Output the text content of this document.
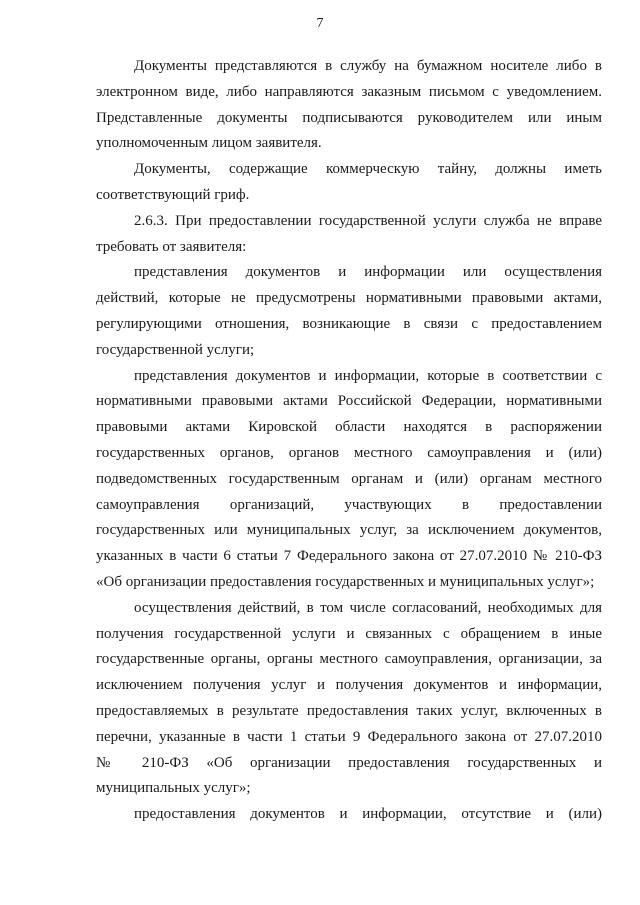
7
Документы представляются в службу на бумажном носителе либо в
электронном виде, либо направляются заказным письмом с уведомлением.
Представленные документы подписываются руководителем или иным
уполномоченным лицом заявителя.
Документы, содержащие коммерческую тайну, должны иметь
соответствующий гриф.
2.6.3. При предоставлении государственной услуги служба не вправе
требовать от заявителя:
представления документов и информации или осуществления
действий, которые не предусмотрены нормативными правовыми актами,
регулирующими отношения, возникающие в связи с предоставлением
государственной услуги;
представления документов и информации, которые в соответствии с
нормативными правовыми актами Российской Федерации, нормативными
правовыми актами Кировской области находятся в распоряжении
государственных органов, органов местного самоуправления и (или)
подведомственных государственным органам и (или) органам местного
самоуправления организаций, участвующих в предоставлении
государственных или муниципальных услуг, за исключением документов,
указанных в части 6 статьи 7 Федерального закона от 27.07.2010 № 210-ФЗ
«Об организации предоставления государственных и муниципальных услуг»;
осуществления действий, в том числе согласований, необходимых для
получения государственной услуги и связанных с обращением в иные
государственные органы, органы местного самоуправления, организации, за
исключением получения услуг и получения документов и информации,
предоставляемых в результате предоставления таких услуг, включенных в
перечни, указанные в части 1 статьи 9 Федерального закона от 27.07.2010
№ 210-ФЗ «Об организации предоставления государственных и
муниципальных услуг»;
предоставления документов и информации, отсутствие и (или)
